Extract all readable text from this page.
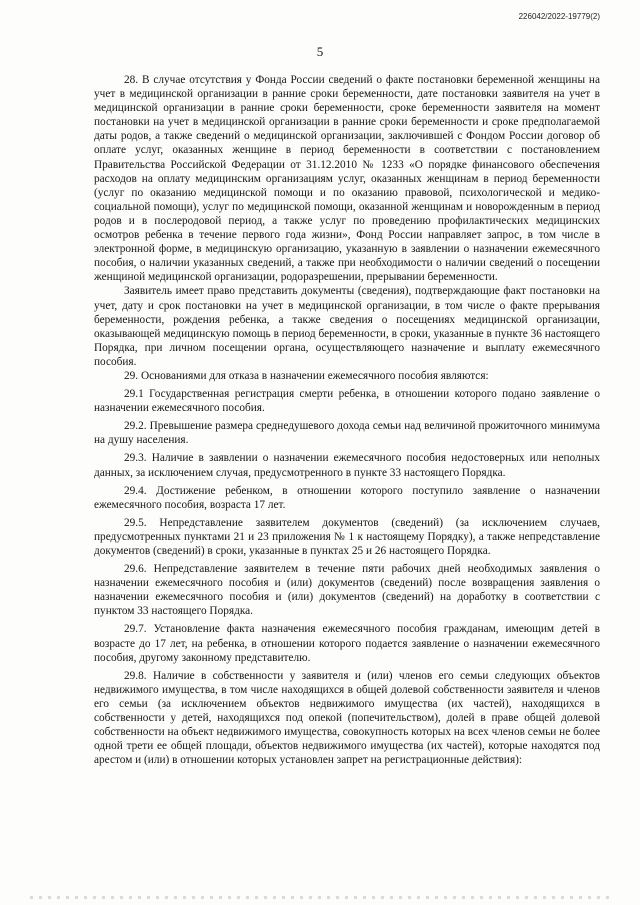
226042/2022-19779(2)
5

28. В случае отсутствия у Фонда России сведений о факте постановки беременной женщины на учет в медицинской организации в ранние сроки беременности, дате постановки заявителя на учет в медицинской организации в ранние сроки беременности, сроке беременности заявителя на момент постановки на учет в медицинской организации в ранние сроки беременности и сроке предполагаемой даты родов, а также сведений о медицинской организации, заключившей с Фондом России договор об оплате услуг, оказанных женщине в период беременности в соответствии с постановлением Правительства Российской Федерации от 31.12.2010 № 1233 «О порядке финансового обеспечения расходов на оплату медицинским организациям услуг, оказанных женщинам в период беременности (услуг по оказанию медицинской помощи и по оказанию правовой, психологической и медико-социальной помощи), услуг по медицинской помощи, оказанной женщинам и новорожденным в период родов и в послеродовой период, а также услуг по проведению профилактических медицинских осмотров ребенка в течение первого года жизни», Фонд России направляет запрос, в том числе в электронной форме, в медицинскую организацию, указанную в заявлении о назначении ежемесячного пособия, о наличии указанных сведений, а также при необходимости о наличии сведений о посещении женщиной медицинской организации, родоразрешении, прерывании беременности.

Заявитель имеет право представить документы (сведения), подтверждающие факт постановки на учет, дату и срок постановки на учет в медицинской организации, в том числе о факте прерывания беременности, рождения ребенка, а также сведения о посещениях медицинской организации, оказывающей медицинскую помощь в период беременности, в сроки, указанные в пункте 36 настоящего Порядка, при личном посещении органа, осуществляющего назначение и выплату ежемесячного пособия.

29. Основаниями для отказа в назначении ежемесячного пособия являются:

29.1 Государственная регистрация смерти ребенка, в отношении которого подано заявление о назначении ежемесячного пособия.

29.2. Превышение размера среднедушевого дохода семьи над величиной прожиточного минимума на душу населения.

29.3. Наличие в заявлении о назначении ежемесячного пособия недостоверных или неполных данных, за исключением случая, предусмотренного в пункте 33 настоящего Порядка.

29.4. Достижение ребенком, в отношении которого поступило заявление о назначении ежемесячного пособия, возраста 17 лет.

29.5. Непредставление заявителем документов (сведений) (за исключением случаев, предусмотренных пунктами 21 и 23 приложения № 1 к настоящему Порядку), а также непредставление документов (сведений) в сроки, указанные в пунктах 25 и 26 настоящего Порядка.

29.6. Непредставление заявителем в течение пяти рабочих дней необходимых заявления о назначении ежемесячного пособия и (или) документов (сведений) после возвращения заявления о назначении ежемесячного пособия и (или) документов (сведений) на доработку в соответствии с пунктом 33 настоящего Порядка.

29.7. Установление факта назначения ежемесячного пособия гражданам, имеющим детей в возрасте до 17 лет, на ребенка, в отношении которого подается заявление о назначении ежемесячного пособия, другому законному представителю.

29.8. Наличие в собственности у заявителя и (или) членов его семьи следующих объектов недвижимого имущества, в том числе находящихся в общей долевой собственности заявителя и членов его семьи (за исключением объектов недвижимого имущества (их частей), находящихся в собственности у детей, находящихся под опекой (попечительством), долей в праве общей долевой собственности на объект недвижимого имущества, совокупность которых на всех членов семьи не более одной трети ее общей площади, объектов недвижимого имущества (их частей), которые находятся под арестом и (или) в отношении которых установлен запрет на регистрационные действия):
